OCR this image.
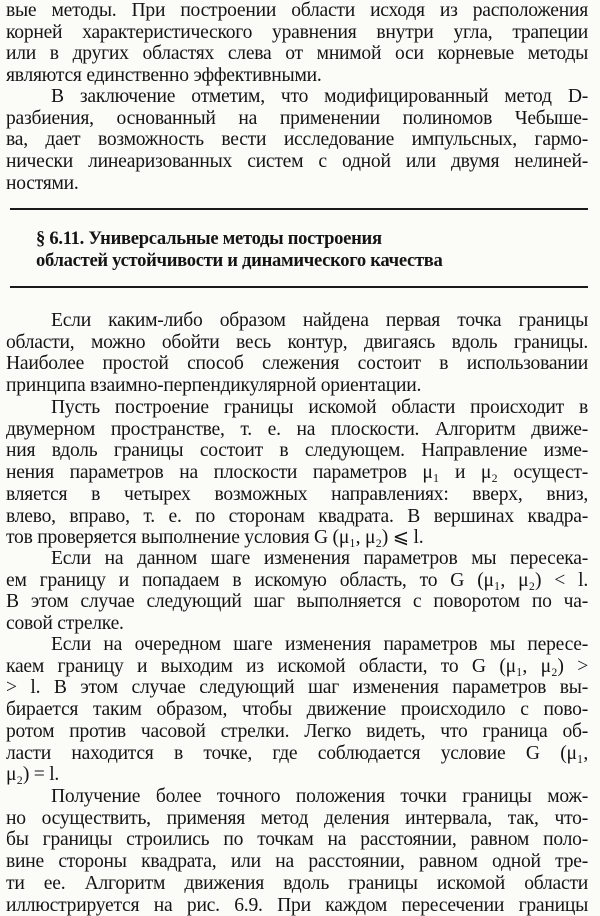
вые методы. При построении области исходя из расположения

корней характеристического уравнения внутри угла, трапеции

или в других областях слева от мнимой оси корневые методы

являются единственно эффективными.

В заключение отметим, что модифицированный метод D-

разбиения, основанный на применении полиномов Чебыше-

ва, дает возможность вести исследование импульсных, гармо-

нически линеаризованных систем с одной или двумя нелиней-

ностями.

§ 6.11. Универсальные методы построения

областей устойчивости и динамического качества

Если каким-либо образом найдена первая точка границы

области, можно обойти весь контур, двигаясь вдоль границы.

Наиболее простой способ слежения состоит в использовании

принципа взаимно-перпендикулярной ориентации.

Пусть построение границы искомой области происходит в

двумерном пространстве, т. е. на плоскости. Алгоритм движе-

ния вдоль границы состоит в следующем. Направление изме-

нения параметров на плоскости параметров μ₁ и μ₂ осущест-

вляется в четырех возможных направлениях: вверх, вниз,

влево, вправо, т. е. по сторонам квадрата. В вершинах квадра-

тов проверяется выполнение условия G (μ₁, μ₂) ⩽ l.

Если на данном шаге изменения параметров мы пересека-

ем границу и попадаем в искомую область, то G (μ₁, μ₂) < l.

В этом случае следующий шаг выполняется с поворотом по ча-

совой стрелке.

Если на очередном шаге изменения параметров мы пересе-

каем границу и выходим из искомой области, то G (μ₁, μ₂) >

> l. В этом случае следующий шаг изменения параметров вы-

бирается таким образом, чтобы движение происходило с пово-

ротом против часовой стрелки. Легко видеть, что граница об-

ласти находится в точке, где соблюдается условие G (μ₁,

μ₂) = l.

Получение более точного положения точки границы мож-

но осуществить, применяя метод деления интервала, так, что-

бы границы строились по точкам на расстоянии, равном поло-

вине стороны квадрата, или на расстоянии, равном одной тре-

ти ее. Алгоритм движения вдоль границы искомой области

иллюстрируется на рис. 6.9. При каждом пересечении границы
